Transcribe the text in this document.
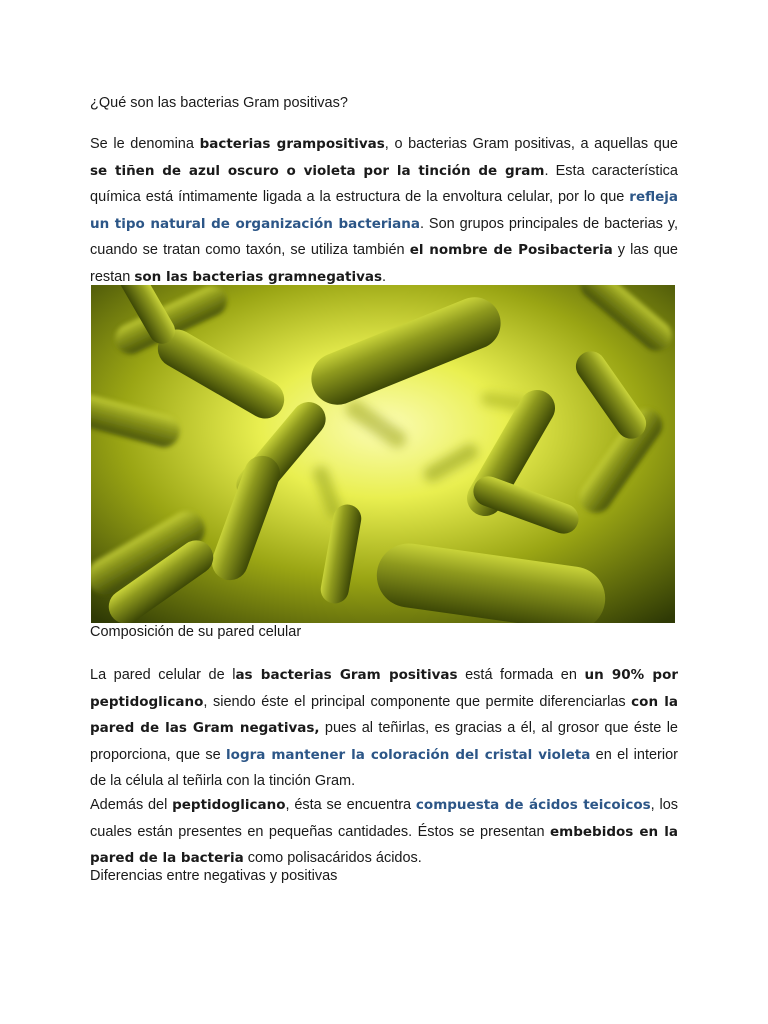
¿Qué son las bacterias Gram positivas?

Se le denomina bacterias grampositivas, o bacterias Gram positivas, a aquellas que se tiñen de azul oscuro o violeta por la tinción de gram. Esta característica química está íntimamente ligada a la estructura de la envoltura celular, por lo que refleja un tipo natural de organización bacteriana. Son grupos principales de bacterias y, cuando se tratan como taxón, se utiliza también el nombre de Posibacteria y las que restan son las bacterias gramnegativas.

Composición de su pared celular

La pared celular de las bacterias Gram positivas está formada en un 90% por peptidoglicano, siendo éste el principal componente que permite diferenciarlas con la pared de las Gram negativas, pues al teñirlas, es gracias a él, al grosor que éste le proporciona, que se logra mantener la coloración del cristal violeta en el interior de la célula al teñirla con la tinción Gram.

Además del peptidoglicano, ésta se encuentra compuesta de ácidos teicoicos, los cuales están presentes en pequeñas cantidades. Éstos se presentan embebidos en la pared de la bacteria como polisacáridos ácidos.

Diferencias entre negativas y positivas
